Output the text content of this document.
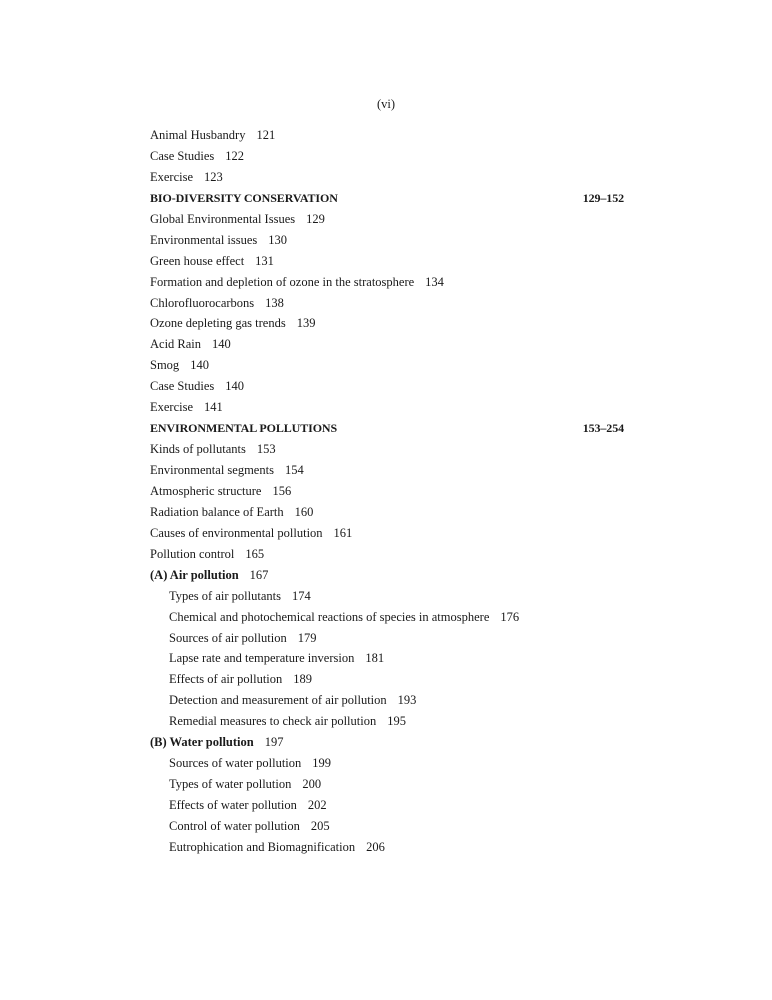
(vi)
Animal Husbandry 121
Case Studies 122
Exercise 123
BIO-DIVERSITY CONSERVATION	129–152
Global Environmental Issues 129
Environmental issues 130
Green house effect 131
Formation and depletion of ozone in the stratosphere 134
Chlorofluorocarbons 138
Ozone depleting gas trends 139
Acid Rain 140
Smog 140
Case Studies 140
Exercise 141
ENVIRONMENTAL POLLUTIONS	153–254
Kinds of pollutants 153
Environmental segments 154
Atmospheric structure 156
Radiation balance of Earth 160
Causes of environmental pollution 161
Pollution control 165
(A) Air pollution 167
Types of air pollutants 174
Chemical and photochemical reactions of species in atmosphere 176
Sources of air pollution 179
Lapse rate and temperature inversion 181
Effects of air pollution 189
Detection and measurement of air pollution 193
Remedial measures to check air pollution 195
(B) Water pollution 197
Sources of water pollution 199
Types of water pollution 200
Effects of water pollution 202
Control of water pollution 205
Eutrophication and Biomagnification 206
